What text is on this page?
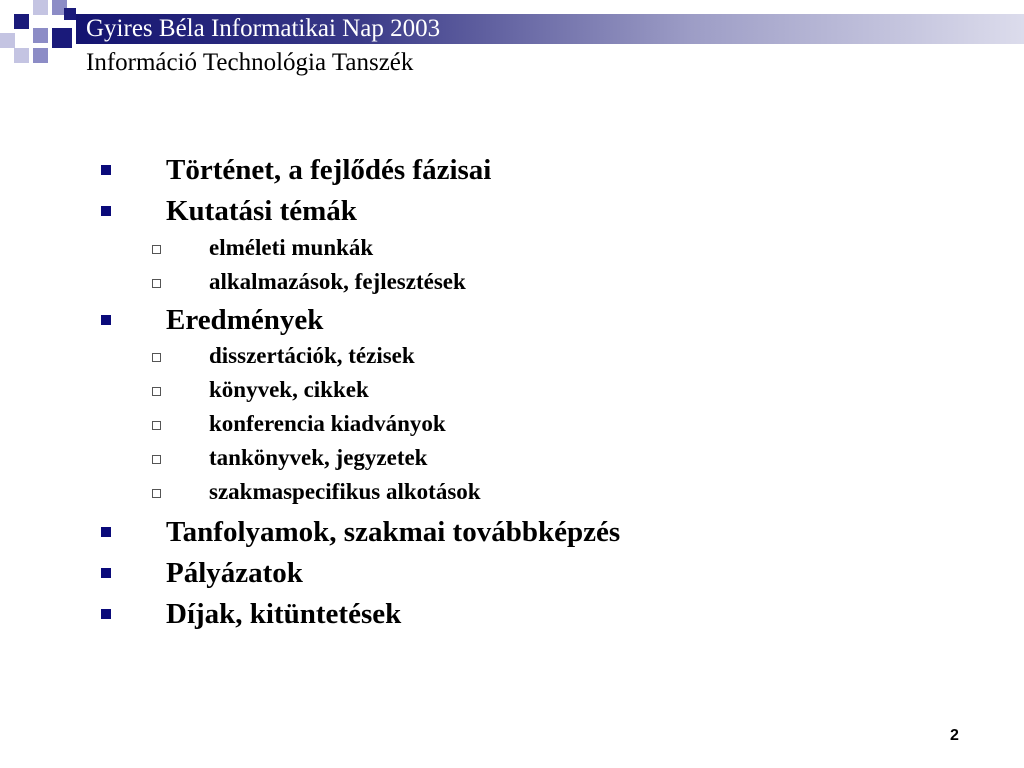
Gyires Béla Informatikai Nap 2003
Információ Technológia Tanszék
Történet, a fejlődés fázisai
Kutatási témák
elméleti munkák
alkalmazások, fejlesztések
Eredmények
disszertációk, tézisek
könyvek, cikkek
konferencia kiadványok
tankönyvek, jegyzetek
szakmaspecifikus alkotások
Tanfolyamok, szakmai továbbképzés
Pályázatok
Díjak, kitüntetések
2
